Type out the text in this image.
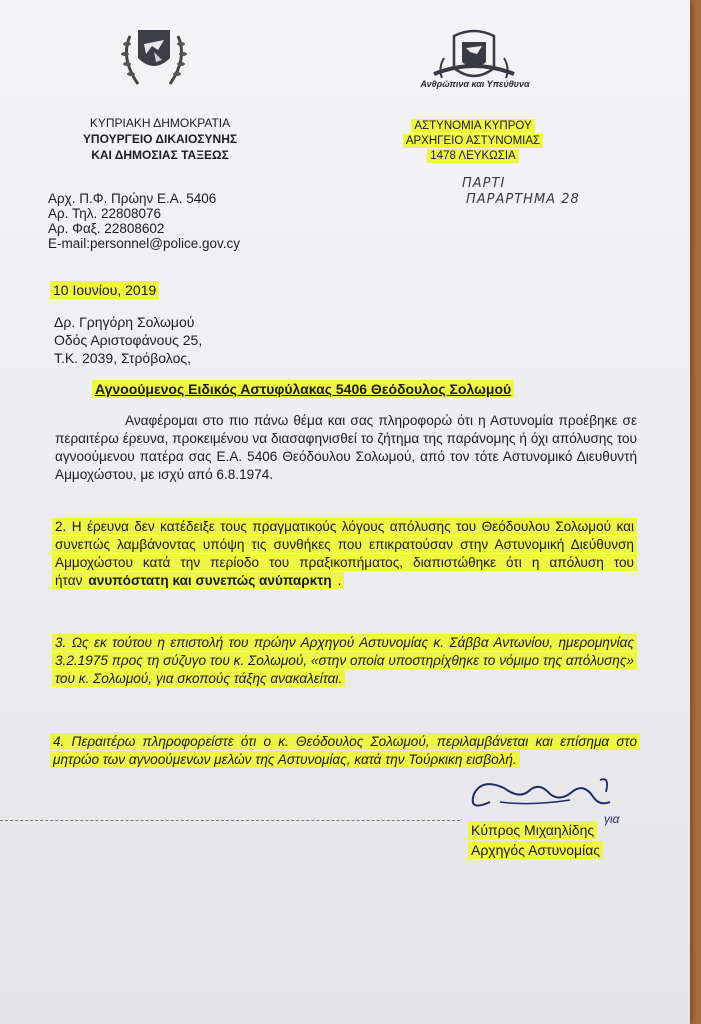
ΚΥΠΡΙΑΚΗ ΔΗΜΟΚΡΑΤΙΑ
ΥΠΟΥΡΓΕΙΟ ΔΙΚΑΙΟΣΥΝΗΣ
ΚΑΙ ΔΗΜΟΣΙΑΣ ΤΑΞΕΩΣ
Ανθρώπινα και Υπεύθυνα
ΑΣΤΥΝΟΜΙΑ ΚΥΠΡΟΥ
ΑΡΧΗΓΕΙΟ ΑΣΤΥΝΟΜΙΑΣ
1478 ΛΕΥΚΩΣΙΑ
ΠΑΡΤΙ
ΠΑΡΑΡΤΗΜΑ 28
Αρχ. Π.Φ. Πρώην Ε.Α. 5406
Αρ. Τηλ. 22808076
Αρ. Φαξ. 22808602
E-mail:personnel@police.gov.cy
10 Ιουνίου, 2019
Δρ. Γρηγόρη Σολωμού
Οδός Αριστοφάνους 25,
Τ.Κ. 2039, Στρόβολος,
Αγνοούμενος Ειδικός Αστυφύλακας 5406 Θεόδουλος Σολωμού
Αναφέρομαι στο πιο πάνω θέμα και σας πληροφορώ ότι η Αστυνομία προέβηκε σε περαιτέρω έρευνα, προκειμένου να διασαφηνισθεί το ζήτημα της παράνομης ή όχι απόλυσης του αγνοούμενου πατέρα σας Ε.Α. 5406 Θεόδουλου Σολωμού, από τον τότε Αστυνομικό Διευθυντή Αμμοχώστου, με ισχύ από 6.8.1974.
2. Η έρευνα δεν κατέδειξε τους πραγματικούς λόγους απόλυσης του Θεόδουλου Σολωμού και συνεπώς λαμβάνοντας υπόψη τις συνθήκες που επικρατούσαν στην Αστυνομική Διεύθυνση Αμμοχώστου κατά την περίοδο του πραξικοπήματος, διαπιστώθηκε ότι η απόλυση του ήταν ανυπόστατη και συνεπώς ανύπαρκτη .
3. Ως εκ τούτου η επιστολή του πρώην Αρχηγού Αστυνομίας κ. Σάββα Αντωνίου, ημερομηνίας 3.2.1975 προς τη σύζυγο του κ. Σολωμού, «στην οποία υποστηρίχθηκε το νόμιμο της απόλυσης» του κ. Σολωμού, για σκοπούς τάξης ανακαλείται.
4. Περαιτέρω πληροφορείστε ότι ο κ. Θεόδουλος Σολωμού, περιλαμβάνεται και επίσημα στο μητρώο των αγνοούμενων μελών της Αστυνομίας, κατά την Τούρκικη εισβολή.
για
Κύπρος Μιχαηλίδης
Αρχηγός Αστυνομίας
